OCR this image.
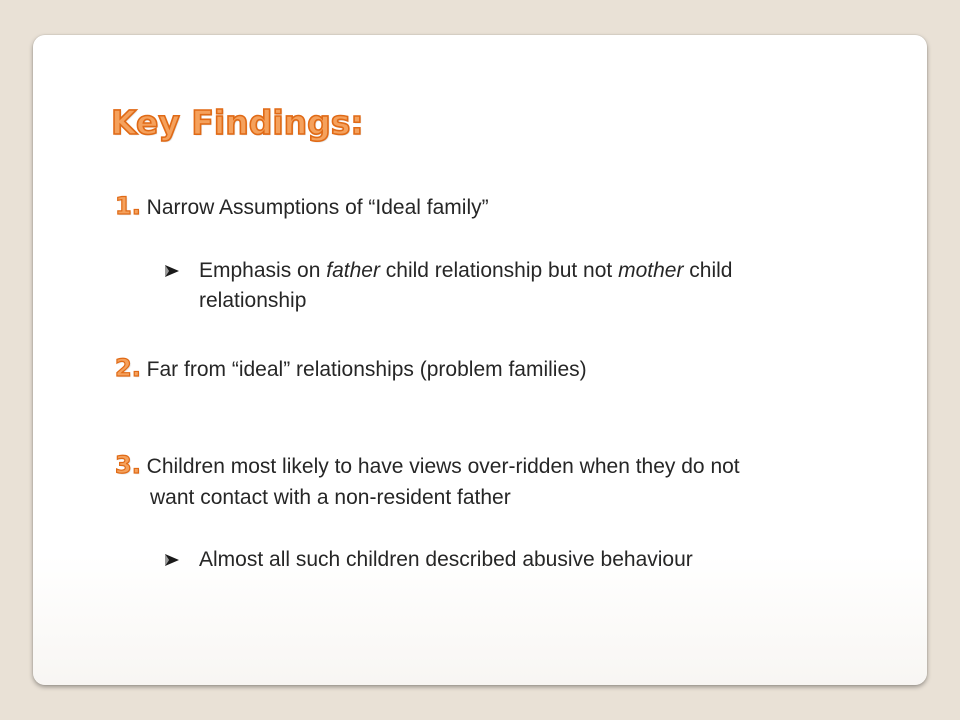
Key Findings:
1. Narrow Assumptions of “Ideal family”
Emphasis on father child relationship but not mother child
relationship
2. Far from “ideal” relationships (problem families)
3. Children most likely to have views over-ridden when they do not
want contact with a non-resident father
Almost all such children described abusive behaviour
